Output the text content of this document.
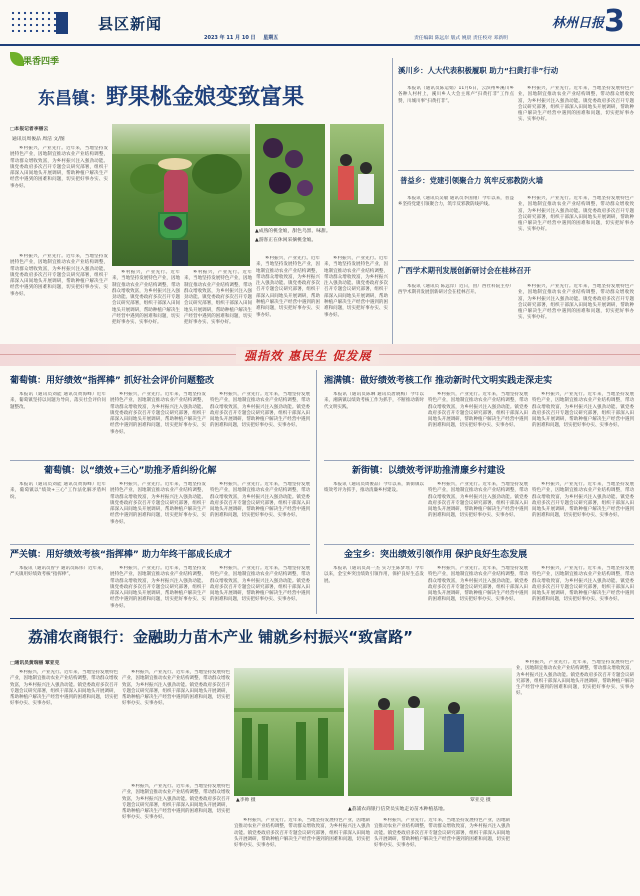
县区新闻
2023 年 11 月 10 日 星期五
林州日报 3
责任编辑 陈远岸 版式 姚晨 责任校对 邓新明
果香四季
东昌镇：野果桃金娘变致富果
□本报记者李丽云
通讯员周俊品 周洁 文/图
乡村振兴，产业先行。近年来，当地坚持发展特色产业，因地制宜推动农业产业结构调整，带动群众增收致富，为乡村振兴注入强劲动能。镇党委政府多次召开专题会议研究部署，组织干部深入田间地头开展调研，帮助种植户解决生产经营中遇到的困难和问题，切实把好事办实、实事办好。
▲成熟的桃金娘，甜色乌黑、味甜。
▲游客正在休闲采摘桃金娘。
乡村振兴，产业先行。近年来，当地坚持发展特色产业，因地制宜推动农业产业结构调整，带动群众增收致富，为乡村振兴注入强劲动能。镇党委政府多次召开专题会议研究部署，组织干部深入田间地头开展调研，帮助种植户解决生产经营中遇到的困难和问题，切实把好事办实、实事办好。
乡村振兴，产业先行。近年来，当地坚持发展特色产业，因地制宜推动农业产业结构调整，带动群众增收致富，为乡村振兴注入强劲动能。镇党委政府多次召开专题会议研究部署，组织干部深入田间地头开展调研，帮助种植户解决生产经营中遇到的困难和问题，切实把好事办实、实事办好。
乡村振兴，产业先行。近年来，当地坚持发展特色产业，因地制宜推动农业产业结构调整，带动群众增收致富，为乡村振兴注入强劲动能。镇党委政府多次召开专题会议研究部署，组织干部深入田间地头开展调研，帮助种植户解决生产经营中遇到的困难和问题，切实把好事办实、实事办好。
乡村振兴，产业先行。近年来，当地坚持发展特色产业，因地制宜推动农业产业结构调整，带动群众增收致富，为乡村振兴注入强劲动能。镇党委政府多次召开专题会议研究部署，组织干部深入田间地头开展调研，帮助种植户解决生产经营中遇到的困难和问题，切实把好事办实、实事办好。
乡村振兴，产业先行。近年来，当地坚持发展特色产业，因地制宜推动农业产业结构调整，带动群众增收致富，为乡村振兴注入强劲动能。镇党委政府多次召开专题会议研究部署，组织干部深入田间地头开展调研，帮助种植户解决生产经营中遇到的困难和问题，切实把好事办实、实事办好。
溪川乡：人大代表积极履职 助力“扫黄打非”行动
本报讯（通讯员陈运娟）11月6日，云滨州乡溪川乡各种人村村上，溪川乡人大会主席卢“扫黄打非”工作点赞，川城川事“扫黄打非”。
乡村振兴，产业先行。近年来，当地坚持发展特色产业，因地制宜推动农业产业结构调整，带动群众增收致富，为乡村振兴注入强劲动能。镇党委政府多次召开专题会议研究部署，组织干部深入田间地头开展调研，帮助种植户解决生产经营中遇到的困难和问题，切实把好事办实、实事办好。
普益乡：党建引领聚合力 筑牢反邪教防火墙
本报讯（通讯员吴敏 通讯员李国翔）今年以来，普益乡坚持党建引领聚合力，筑牢反邪教防线护线。
乡村振兴，产业先行。近年来，当地坚持发展特色产业，因地制宜推动农业产业结构调整，带动群众增收致富，为乡村振兴注入强劲动能。镇党委政府多次召开专题会议研究部署，组织干部深入田间地头开展调研，帮助种植户解决生产经营中遇到的困难和问题，切实把好事办实、实事办好。
广西学术期刊发展创新研讨会在桂林召开
本报讯（通讯员 陈远岸）近日，由广西社科院主办广西学术期刊发展创新研讨会在桂林召开。
乡村振兴，产业先行。近年来，当地坚持发展特色产业，因地制宜推动农业产业结构调整，带动群众增收致富，为乡村振兴注入强劲动能。镇党委政府多次召开专题会议研究部署，组织干部深入田间地头开展调研，帮助种植户解决生产经营中遇到的困难和问题，切实把好事办实、实事办好。
强指效 惠民生 促发展
葡萄镇：用好绩效“指挥棒” 抓好社会评价问题整改
本报讯（通讯员刘能 通讯员黄海峰）近年来，葡萄镇坚持以问题为导向，落实社会评价问题整改。
乡村振兴，产业先行。近年来，当地坚持发展特色产业，因地制宜推动农业产业结构调整，带动群众增收致富，为乡村振兴注入强劲动能。镇党委政府多次召开专题会议研究部署，组织干部深入田间地头开展调研，帮助种植户解决生产经营中遇到的困难和问题，切实把好事办实、实事办好。
乡村振兴，产业先行。近年来，当地坚持发展特色产业，因地制宜推动农业产业结构调整，带动群众增收致富，为乡村振兴注入强劲动能。镇党委政府多次召开专题会议研究部署，组织干部深入田间地头开展调研，帮助种植户解决生产经营中遇到的困难和问题，切实把好事办实、实事办好。
湘满镇：做好绩效考核工作 推动新时代文明实践走深走实
本报讯（通讯员陈琳 通讯员唐晓梅）今年以来，湘满镇以绩效考核工作为抓手，不断推动新时代文明实践。
乡村振兴，产业先行。近年来，当地坚持发展特色产业，因地制宜推动农业产业结构调整，带动群众增收致富，为乡村振兴注入强劲动能。镇党委政府多次召开专题会议研究部署，组织干部深入田间地头开展调研，帮助种植户解决生产经营中遇到的困难和问题，切实把好事办实、实事办好。
乡村振兴，产业先行。近年来，当地坚持发展特色产业，因地制宜推动农业产业结构调整，带动群众增收致富，为乡村振兴注入强劲动能。镇党委政府多次召开专题会议研究部署，组织干部深入田间地头开展调研，帮助种植户解决生产经营中遇到的困难和问题，切实把好事办实、实事办好。
葡萄镇：以“绩效+三心”助推矛盾纠纷化解
本报讯（通讯员刘能 通讯员黄海峰）近年来，葡萄镇以“绩效+三心”工作法化解矛盾纠纷。
乡村振兴，产业先行。近年来，当地坚持发展特色产业，因地制宜推动农业产业结构调整，带动群众增收致富，为乡村振兴注入强劲动能。镇党委政府多次召开专题会议研究部署，组织干部深入田间地头开展调研，帮助种植户解决生产经营中遇到的困难和问题，切实把好事办实、实事办好。
乡村振兴，产业先行。近年来，当地坚持发展特色产业，因地制宜推动农业产业结构调整，带动群众增收致富，为乡村振兴注入强劲动能。镇党委政府多次召开专题会议研究部署，组织干部深入田间地头开展调研，帮助种植户解决生产经营中遇到的困难和问题，切实把好事办实、实事办好。
新街镇：以绩效考评助推清廉乡村建设
本报讯（通讯员周俊品）今年以来，新街镇以绩效考评为抓手，推动清廉乡村建设。
乡村振兴，产业先行。近年来，当地坚持发展特色产业，因地制宜推动农业产业结构调整，带动群众增收致富，为乡村振兴注入强劲动能。镇党委政府多次召开专题会议研究部署，组织干部深入田间地头开展调研，帮助种植户解决生产经营中遇到的困难和问题，切实把好事办实、实事办好。
乡村振兴，产业先行。近年来，当地坚持发展特色产业，因地制宜推动农业产业结构调整，带动群众增收致富，为乡村振兴注入强劲动能。镇党委政府多次召开专题会议研究部署，组织干部深入田间地头开展调研，帮助种植户解决生产经营中遇到的困难和问题，切实把好事办实、实事办好。
严关镇：用好绩效考核“指挥棒” 助力年终干部成长成才
本报讯（通讯员曾宇 通讯员陈伟）近年来，严关镇用好绩效考核“指挥棒”。
乡村振兴，产业先行。近年来，当地坚持发展特色产业，因地制宜推动农业产业结构调整，带动群众增收致富，为乡村振兴注入强劲动能。镇党委政府多次召开专题会议研究部署，组织干部深入田间地头开展调研，帮助种植户解决生产经营中遇到的困难和问题，切实把好事办实、实事办好。
乡村振兴，产业先行。近年来，当地坚持发展特色产业，因地制宜推动农业产业结构调整，带动群众增收致富，为乡村振兴注入强劲动能。镇党委政府多次召开专题会议研究部署，组织干部深入田间地头开展调研，帮助种植户解决生产经营中遇到的困难和问题，切实把好事办实、实事办好。
金宝乡：突出绩效引领作用 保护良好生态发展
本报讯（通讯员高一杰 实习生陈梦瑶）今年以来，金宝乡突出绩效引领作用，保护良好生态发展。
乡村振兴，产业先行。近年来，当地坚持发展特色产业，因地制宜推动农业产业结构调整，带动群众增收致富，为乡村振兴注入强劲动能。镇党委政府多次召开专题会议研究部署，组织干部深入田间地头开展调研，帮助种植户解决生产经营中遇到的困难和问题，切实把好事办实、实事办好。
乡村振兴，产业先行。近年来，当地坚持发展特色产业，因地制宜推动农业产业结构调整，带动群众增收致富，为乡村振兴注入强劲动能。镇党委政府多次召开专题会议研究部署，组织干部深入田间地头开展调研，帮助种植户解决生产经营中遇到的困难和问题，切实把好事办实、实事办好。
荔浦农商银行：金融助力苗木产业 铺就乡村振兴“致富路”
□通讯员黄瑞丽 覃亚克
乡村振兴，产业先行。近年来，当地坚持发展特色产业，因地制宜推动农业产业结构调整，带动群众增收致富，为乡村振兴注入强劲动能。镇党委政府多次召开专题会议研究部署，组织干部深入田间地头开展调研，帮助种植户解决生产经营中遇到的困难和问题，切实把好事办实、实事办好。
乡村振兴，产业先行。近年来，当地坚持发展特色产业，因地制宜推动农业产业结构调整，带动群众增收致富，为乡村振兴注入强劲动能。镇党委政府多次召开专题会议研究部署，组织干部深入田间地头开展调研，帮助种植户解决生产经营中遇到的困难和问题，切实把好事办实、实事办好。
乡村振兴，产业先行。近年来，当地坚持发展特色产业，因地制宜推动农业产业结构调整，带动群众增收致富，为乡村振兴注入强劲动能。镇党委政府多次召开专题会议研究部署，组织干部深入田间地头开展调研，帮助种植户解决生产经营中遇到的困难和问题，切实把好事办实、实事办好。
▲李帅 摄	覃亚克 摄
▲荔浦农商银行信贷员实地走访苗木种植基地。
乡村振兴，产业先行。近年来，当地坚持发展特色产业，因地制宜推动农业产业结构调整，带动群众增收致富，为乡村振兴注入强劲动能。镇党委政府多次召开专题会议研究部署，组织干部深入田间地头开展调研，帮助种植户解决生产经营中遇到的困难和问题，切实把好事办实、实事办好。
乡村振兴，产业先行。近年来，当地坚持发展特色产业，因地制宜推动农业产业结构调整，带动群众增收致富，为乡村振兴注入强劲动能。镇党委政府多次召开专题会议研究部署，组织干部深入田间地头开展调研，帮助种植户解决生产经营中遇到的困难和问题，切实把好事办实、实事办好。
乡村振兴，产业先行。近年来，当地坚持发展特色产业，因地制宜推动农业产业结构调整，带动群众增收致富，为乡村振兴注入强劲动能。镇党委政府多次召开专题会议研究部署，组织干部深入田间地头开展调研，帮助种植户解决生产经营中遇到的困难和问题，切实把好事办实、实事办好。
